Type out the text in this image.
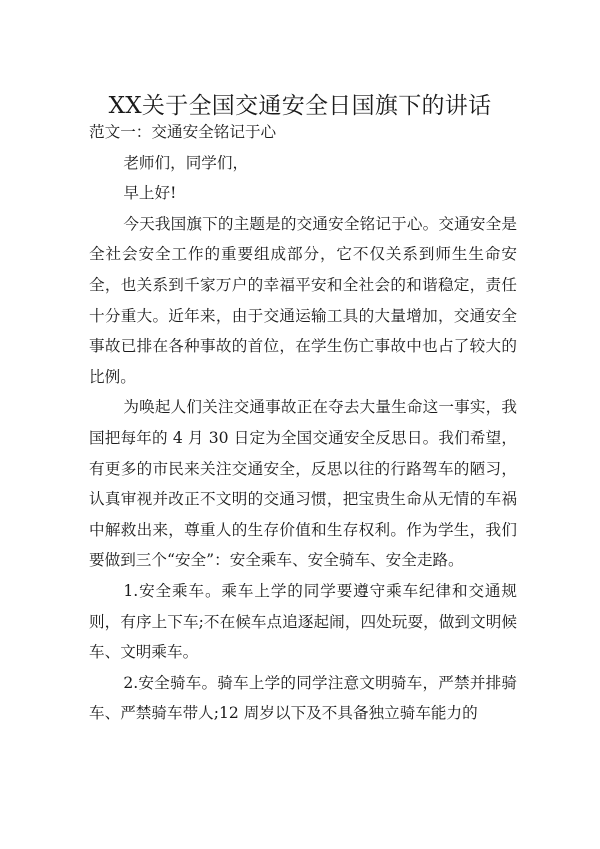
XX关于全国交通安全日国旗下的讲话

范文一：交通安全铭记于心

老师们，同学们，

早上好!

今天我国旗下的主题是的交通安全铭记于心。交通安全是全社会安全工作的重要组成部分，它不仅关系到师生生命安全，也关系到千家万户的幸福平安和全社会的和谐稳定，责任十分重大。近年来，由于交通运输工具的大量增加，交通安全事故已排在各种事故的首位，在学生伤亡事故中也占了较大的比例。

为唤起人们关注交通事故正在夺去大量生命这一事实，我国把每年的 4 月 30 日定为全国交通安全反思日。我们希望，有更多的市民来关注交通安全，反思以往的行路驾车的陋习，认真审视并改正不文明的交通习惯，把宝贵生命从无情的车祸中解救出来，尊重人的生存价值和生存权利。作为学生，我们要做到三个“安全”：安全乘车、安全骑车、安全走路。

1.安全乘车。乘车上学的同学要遵守乘车纪律和交通规则，有序上下车;不在候车点追逐起闹，四处玩耍，做到文明候车、文明乘车。

2.安全骑车。骑车上学的同学注意文明骑车，严禁并排骑车、严禁骑车带人;12 周岁以下及不具备独立骑车能力的
